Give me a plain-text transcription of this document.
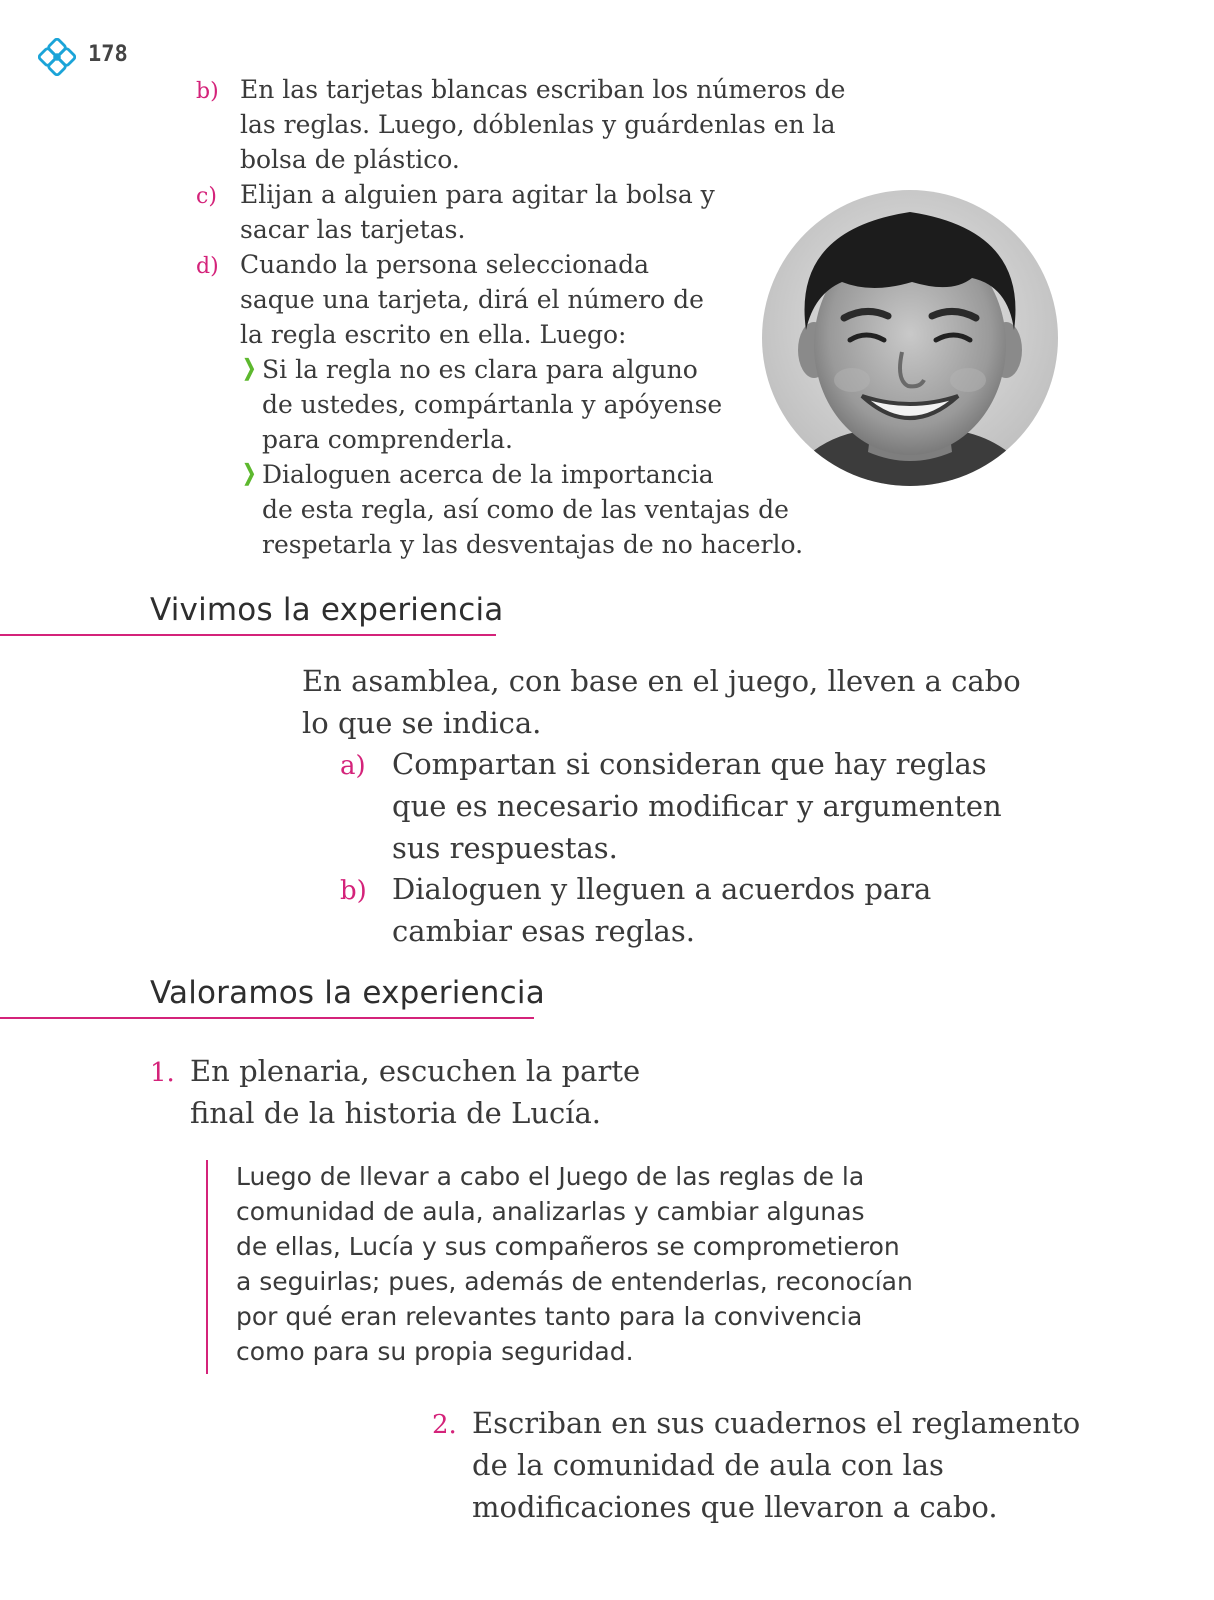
178
b) En las tarjetas blancas escriban los números de
las reglas. Luego, dóblenlas y guárdenlas en la
bolsa de plástico.
c) Elijan a alguien para agitar la bolsa y
sacar las tarjetas.
d) Cuando la persona seleccionada
saque una tarjeta, dirá el número de
la regla escrito en ella. Luego:
❭ Si la regla no es clara para alguno
de ustedes, compártanla y apóyense
para comprenderla.
❭ Dialoguen acerca de la importancia
de esta regla, así como de las ventajas de
respetarla y las desventajas de no hacerlo.
Vivimos la experiencia
En asamblea, con base en el juego, lleven a cabo
lo que se indica.
a) Compartan si consideran que hay reglas
que es necesario modificar y argumenten
sus respuestas.
b) Dialoguen y lleguen a acuerdos para
cambiar esas reglas.
Valoramos la experiencia
1. En plenaria, escuchen la parte
final de la historia de Lucía.
Luego de llevar a cabo el Juego de las reglas de la
comunidad de aula, analizarlas y cambiar algunas
de ellas, Lucía y sus compañeros se comprometieron
a seguirlas; pues, además de entenderlas, reconocían
por qué eran relevantes tanto para la convivencia
como para su propia seguridad.
2. Escriban en sus cuadernos el reglamento
de la comunidad de aula con las
modificaciones que llevaron a cabo.
